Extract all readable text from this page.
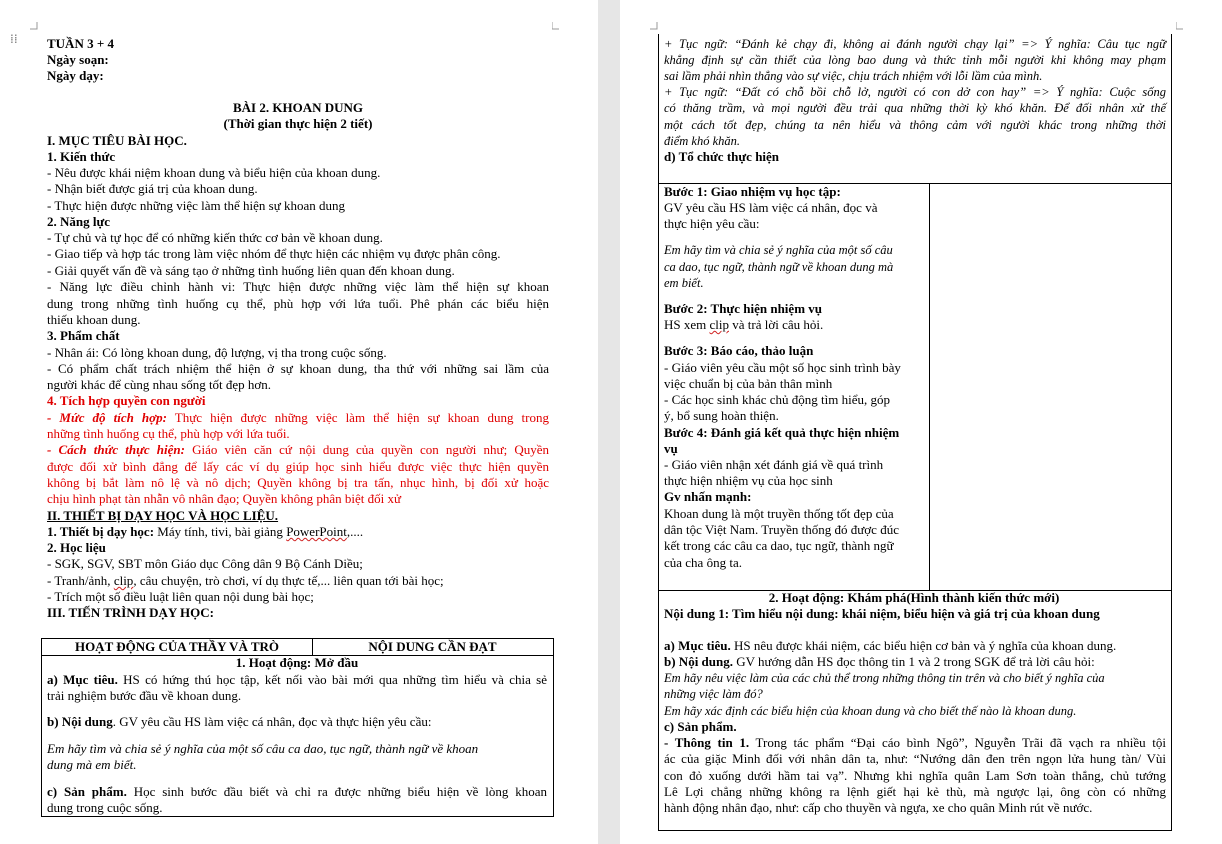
⁞⁞ TUẦN 3 + 4
Ngày soạn:
Ngày dạy:
BÀI 2. KHOAN DUNG
(Thời gian thực hiện 2 tiết)
I. MỤC TIÊU BÀI HỌC.
1. Kiến thức
- Nêu được khái niệm khoan dung và biểu hiện của khoan dung.
- Nhận biết được giá trị của khoan dung.
- Thực hiện được những việc làm thể hiện sự khoan dung
2. Năng lực
- Tự chủ và tự học để có những kiến thức cơ bản về khoan dung.
- Giao tiếp và hợp tác trong làm việc nhóm để thực hiện các nhiệm vụ được phân công.
- Giải quyết vấn đề và sáng tạo ở những tình huống liên quan đến khoan dung.
- Năng lực điều chỉnh hành vi: Thực hiện được những việc làm thể hiện sự khoan
dung trong những tình huống cụ thể, phù hợp với lứa tuổi. Phê phán các biểu hiện
thiếu khoan dung.
3. Phẩm chất
- Nhân ái: Có lòng khoan dung, độ lượng, vị tha trong cuộc sống.
- Có phẩm chất trách nhiệm thể hiện ở sự khoan dung, tha thứ với những sai lầm của
người khác để cùng nhau sống tốt đẹp hơn.
4. Tích hợp quyền con người
- Mức độ tích hợp: Thực hiện được những việc làm thể hiện sự khoan dung trong
những tình huống cụ thể, phù hợp với lứa tuổi.
- Cách thức thực hiện: Giáo viên căn cứ nội dung của quyền con người như; Quyền
được đối xử bình đẳng để lấy các ví dụ giúp học sinh hiểu được việc thực hiện quyền
không bị bắt làm nô lệ và nô dịch; Quyền không bị tra tấn, nhục hình, bị đối xử hoặc
chịu hình phạt tàn nhẫn vô nhân đạo; Quyền không phân biệt đối xử
II. THIẾT BỊ DẠY HỌC VÀ HỌC LIỆU.
1. Thiết bị dạy học: Máy tính, tivi, bài giảng PowerPoint,....
2. Học liệu
- SGK, SGV, SBT môn Giáo dục Công dân 9 Bộ Cánh Diều;
- Tranh/ảnh, clip, câu chuyện, trò chơi, ví dụ thực tế,... liên quan tới bài học;
- Trích một số điều luật liên quan nội dung bài học;
III. TIẾN TRÌNH DẠY HỌC:
HOẠT ĐỘNG CỦA THẦY VÀ TRÒ	NỘI DUNG CẦN ĐẠT
1. Hoạt động: Mở đầu
a) Mục tiêu. HS có hứng thú học tập, kết nối vào bài mới qua những tìm hiểu và chia sẻ
trải nghiệm bước đầu về khoan dung.
b) Nội dung. GV yêu cầu HS làm việc cá nhân, đọc và thực hiện yêu cầu:
Em hãy tìm và chia sẻ ý nghĩa của một số câu ca dao, tục ngữ, thành ngữ về khoan
dung mà em biết.
c) Sản phẩm. Học sinh bước đầu biết và chỉ ra được những biểu hiện về lòng khoan
dung trong cuộc sống.
+ Tục ngữ: “Đánh kẻ chạy đi, không ai đánh người chạy lại” => Ý nghĩa: Câu tục ngữ
khẳng định sự cần thiết của lòng bao dung và thức tỉnh mỗi người khi không may phạm
sai lầm phải nhìn thẳng vào sự việc, chịu trách nhiệm với lỗi lầm của mình.
+ Tục ngữ: “Đất có chỗ bồi chỗ lở, người có con dở con hay” => Ý nghĩa: Cuộc sống
có thăng trầm, và mọi người đều trải qua những thời kỳ khó khăn. Để đối nhân xử thế
một cách tốt đẹp, chúng ta nên hiểu và thông cảm với người khác trong những thời
điểm khó khăn.
d) Tổ chức thực hiện
Bước 1: Giao nhiệm vụ học tập:
GV yêu cầu HS làm việc cá nhân, đọc và
thực hiện yêu cầu:
Em hãy tìm và chia sẻ ý nghĩa của một số câu
ca dao, tục ngữ, thành ngữ về khoan dung mà
em biết.
Bước 2: Thực hiện nhiệm vụ
HS xem clip và trả lời câu hỏi.
Bước 3: Báo cáo, thảo luận
- Giáo viên yêu cầu một số học sinh trình bày
việc chuẩn bị của bản thân mình
- Các học sinh khác chủ động tìm hiểu, góp
ý, bổ sung hoàn thiện.
Bước 4: Đánh giá kết quả thực hiện nhiệm
vụ
- Giáo viên nhận xét đánh giá về quá trình
thực hiện nhiệm vụ của học sinh
Gv nhấn mạnh:
Khoan dung là một truyền thống tốt đẹp của
dân tộc Việt Nam. Truyền thống đó được đúc
kết trong các câu ca dao, tục ngữ, thành ngữ
của cha ông ta.
2. Hoạt động: Khám phá(Hình thành kiến thức mới)
Nội dung 1: Tìm hiểu nội dung: khái niệm, biểu hiện và giá trị của khoan dung
a) Mục tiêu. HS nêu được khái niệm, các biểu hiện cơ bản và ý nghĩa của khoan dung.
b) Nội dung. GV hướng dẫn HS đọc thông tin 1 và 2 trong SGK để trả lời câu hỏi:
Em hãy nêu việc làm của các chủ thể trong những thông tin trên và cho biết ý nghĩa của
những việc làm đó?
Em hãy xác định các biểu hiện của khoan dung và cho biết thế nào là khoan dung.
c) Sản phẩm.
- Thông tin 1. Trong tác phẩm “Đại cáo bình Ngô”, Nguyễn Trãi đã vạch ra nhiều tội
ác của giặc Minh đối với nhân dân ta, như: “Nướng dân đen trên ngọn lửa hung tàn/ Vùi
con đỏ xuống dưới hầm tai vạ”. Nhưng khi nghĩa quân Lam Sơn toàn thắng, chủ tướng
Lê Lợi chẳng những không ra lệnh giết hại kẻ thù, mà ngược lại, ông còn có những
hành động nhân đạo, như: cấp cho thuyền và ngựa, xe cho quân Minh rút về nước.
